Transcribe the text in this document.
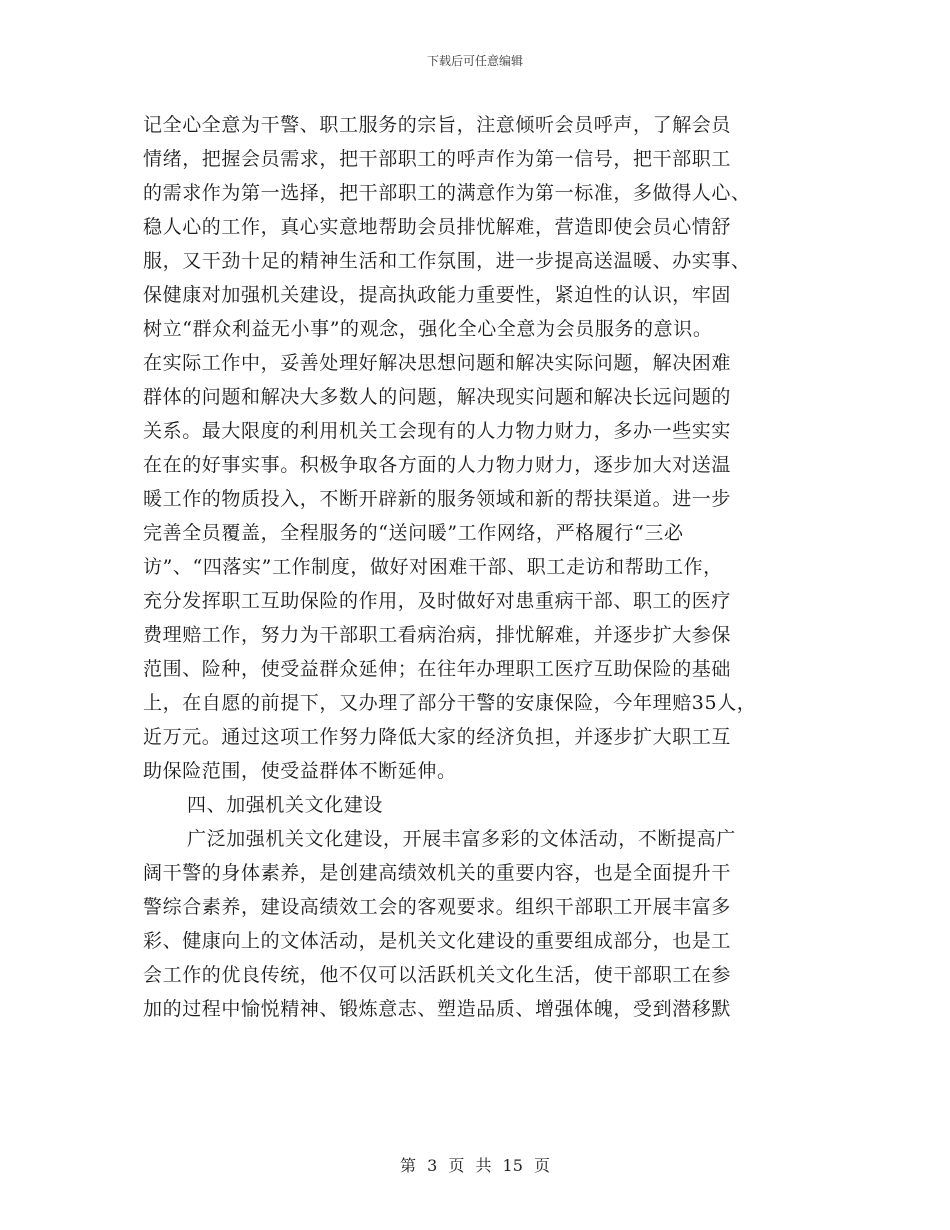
下载后可任意编辑
记全心全意为干警、职工服务的宗旨，注意倾听会员呼声，了解会员
情绪，把握会员需求，把干部职工的呼声作为第一信号，把干部职工
的需求作为第一选择，把干部职工的满意作为第一标准，多做得人心、
稳人心的工作，真心实意地帮助会员排忧解难，营造即使会员心情舒
服，又干劲十足的精神生活和工作氛围，进一步提高送温暖、办实事、
保健康对加强机关建设，提高执政能力重要性，紧迫性的认识，牢固
树立“群众利益无小事”的观念，强化全心全意为会员服务的意识。
在实际工作中，妥善处理好解决思想问题和解决实际问题，解决困难
群体的问题和解决大多数人的问题，解决现实问题和解决长远问题的
关系。最大限度的利用机关工会现有的人力物力财力，多办一些实实
在在的好事实事。积极争取各方面的人力物力财力，逐步加大对送温
暖工作的物质投入，不断开辟新的服务领域和新的帮扶渠道。进一步
完善全员覆盖，全程服务的“送问暖”工作网络，严格履行“三必
访”、“四落实”工作制度，做好对困难干部、职工走访和帮助工作，
充分发挥职工互助保险的作用，及时做好对患重病干部、职工的医疗
费理赔工作，努力为干部职工看病治病，排忧解难，并逐步扩大参保
范围、险种，使受益群众延伸；在往年办理职工医疗互助保险的基础
上，在自愿的前提下，又办理了部分干警的安康保险，今年理赔35人，
近万元。通过这项工作努力降低大家的经济负担，并逐步扩大职工互
助保险范围，使受益群体不断延伸。
四、加强机关文化建设
广泛加强机关文化建设，开展丰富多彩的文体活动，不断提高广
阔干警的身体素养，是创建高绩效机关的重要内容，也是全面提升干
警综合素养，建设高绩效工会的客观要求。组织干部职工开展丰富多
彩、健康向上的文体活动，是机关文化建设的重要组成部分，也是工
会工作的优良传统，他不仅可以活跃机关文化生活，使干部职工在参
加的过程中愉悦精神、锻炼意志、塑造品质、增强体魄，受到潜移默
第 3 页 共 15 页
